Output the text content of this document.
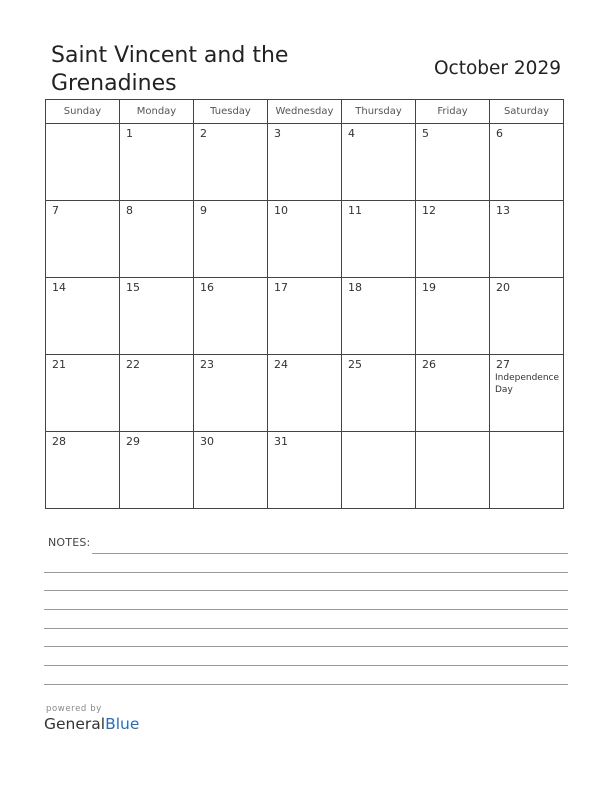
Saint Vincent and the Grenadines
October 2029
Sunday	Monday	Tuesday	Wednesday	Thursday	Friday	Saturday

	1	2	3	4	5	6

7	8	9	10	11	12	13

14	15	16	17	18	19	20

21	22	23	24	25	26	27
Independence Day

28	29	30	31			

NOTES:
powered by
GeneralBlue
